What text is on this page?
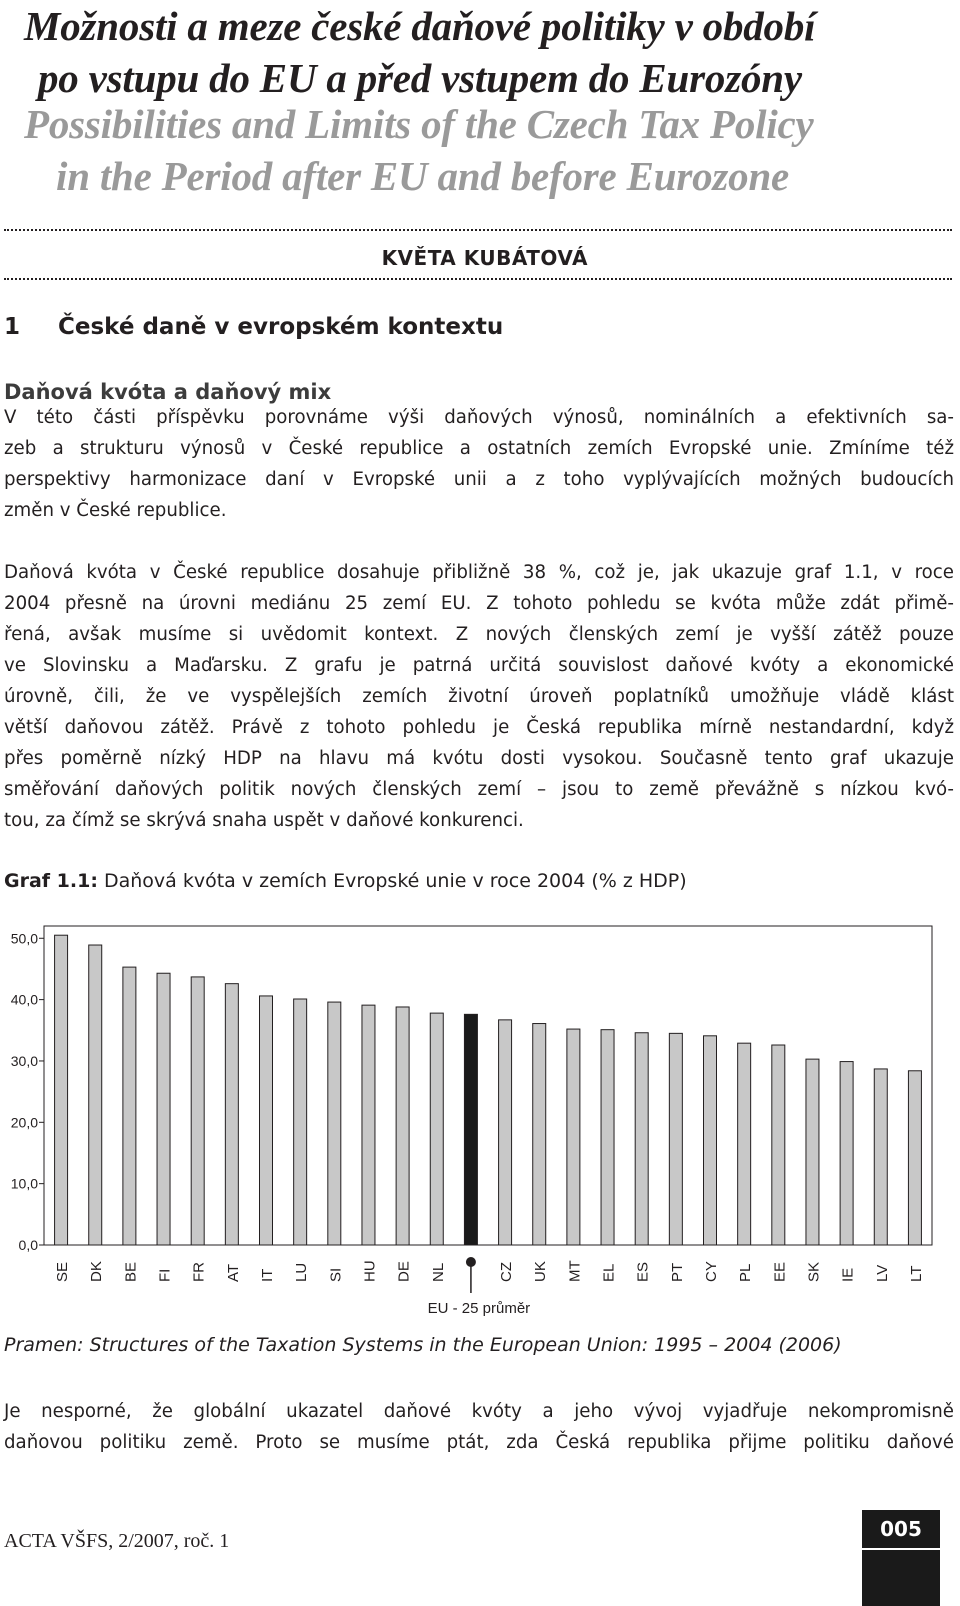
Možnosti a meze české daňové politiky v období
po vstupu do EU a před vstupem do Eurozóny
Possibilities and Limits of the Czech Tax Policy
in the Period after EU and before Eurozone
KVĚTA KUBÁTOVÁ
1 České daně v evropském kontextu
Daňová kvóta a daňový mix
V této části příspěvku porovnáme výši daňových výnosů, nominálních a efektivních sa-
zeb a strukturu výnosů v České republice a ostatních zemích Evropské unie. Zmíníme též
perspektivy harmonizace daní v Evropské unii a z toho vyplývajících možných budoucích
změn v České republice.
Daňová kvóta v České republice dosahuje přibližně 38 %, což je, jak ukazuje graf 1.1, v roce
2004 přesně na úrovni mediánu 25 zemí EU. Z tohoto pohledu se kvóta může zdát přimě-
řená, avšak musíme si uvědomit kontext. Z nových členských zemí je vyšší zátěž pouze
ve Slovinsku a Maďarsku. Z grafu je patrná určitá souvislost daňové kvóty a ekonomické
úrovně, čili, že ve vyspělejších zemích životní úroveň poplatníků umožňuje vládě klást
větší daňovou zátěž. Právě z tohoto pohledu je Česká republika mírně nestandardní, když
přes poměrně nízký HDP na hlavu má kvótu dosti vysokou. Současně tento graf ukazuje
směřování daňových politik nových členských zemí – jsou to země převážně s nízkou kvó-
tou, za čímž se skrývá snaha uspět v daňové konkurenci.
Graf 1.1: Daňová kvóta v zemích Evropské unie v roce 2004 (% z HDP)
0,0
10,0
20,0
30,0
40,0
50,0
SE DK BE FI FR AT IT LU SI HU DE NL
EU - 25 průměr
CZ UK MT EL ES PT CY PL EE SK IE LV LT
Pramen: Structures of the Taxation Systems in the European Union: 1995 – 2004 (2006)
Je nesporné, že globální ukazatel daňové kvóty a jeho vývoj vyjadřuje nekompromisně
daňovou politiku země. Proto se musíme ptát, zda Česká republika přijme politiku daňové
ACTA VŠFS, 2/2007, roč. 1	005
